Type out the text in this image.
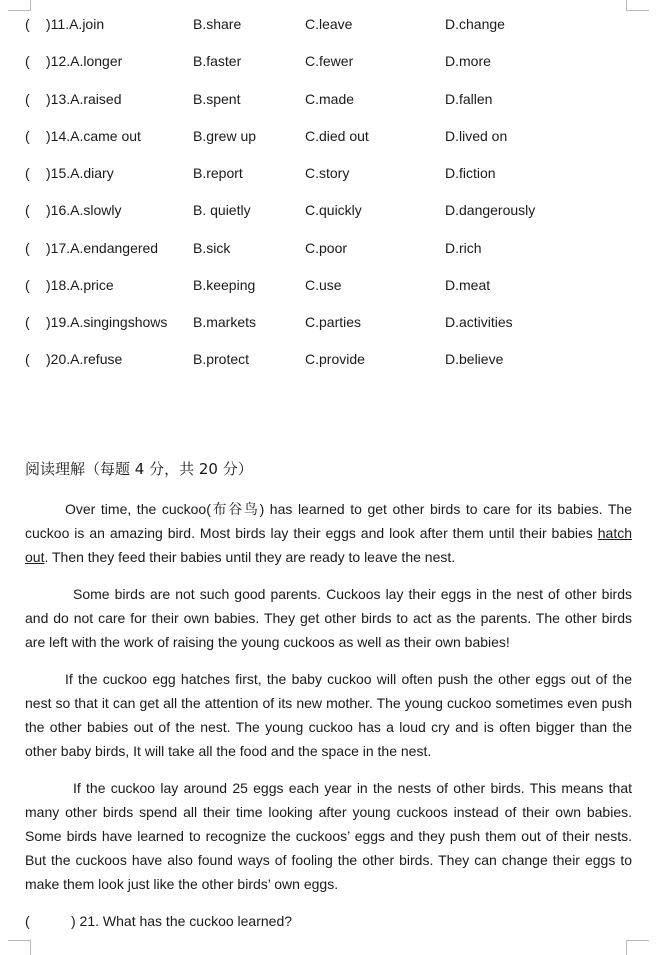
( )11.A.join	B.share	C.leave	D.change
( )12.A.longer	B.faster	C.fewer	D.more
( )13.A.raised	B.spent	C.made	D.fallen
( )14.A.came out	B.grew up	C.died out	D.lived on
( )15.A.diary	B.report	C.story	D.fiction
( )16.A.slowly	B. quietly	C.quickly	D.dangerously
( )17.A.endangered B.sick	C.poor	D.rich
( )18.A.price	B.keeping	C.use	D.meat
( )19.A.singingshows B.markets	C.parties	D.activities
( )20.A.refuse	B.protect	C.provide	D.believe
阅读理解（每题 4 分，共 20 分）

Over time, the cuckoo(布谷鸟) has learned to get other birds to care for its babies. The cuckoo is an amazing bird. Most birds lay their eggs and look after them until their babies hatch out. Then they feed their babies until they are ready to leave the nest.

Some birds are not such good parents. Cuckoos lay their eggs in the nest of other birds and do not care for their own babies. They get other birds to act as the parents. The other birds are left with the work of raising the young cuckoos as well as their own babies!

If the cuckoo egg hatches first, the baby cuckoo will often push the other eggs out of the nest so that it can get all the attention of its new mother. The young cuckoo sometimes even push the other babies out of the nest. The young cuckoo has a loud cry and is often bigger than the other baby birds, It will take all the food and the space in the nest.

If the cuckoo lay around 25 eggs each year in the nests of other birds. This means that many other birds spend all their time looking after young cuckoos instead of their own babies. Some birds have learned to recognize the cuckoos’ eggs and they push them out of their nests. But the cuckoos have also found ways of fooling the other birds. They can change their eggs to make them look just like the other birds’ own eggs.

(	) 21. What has the cuckoo learned?
